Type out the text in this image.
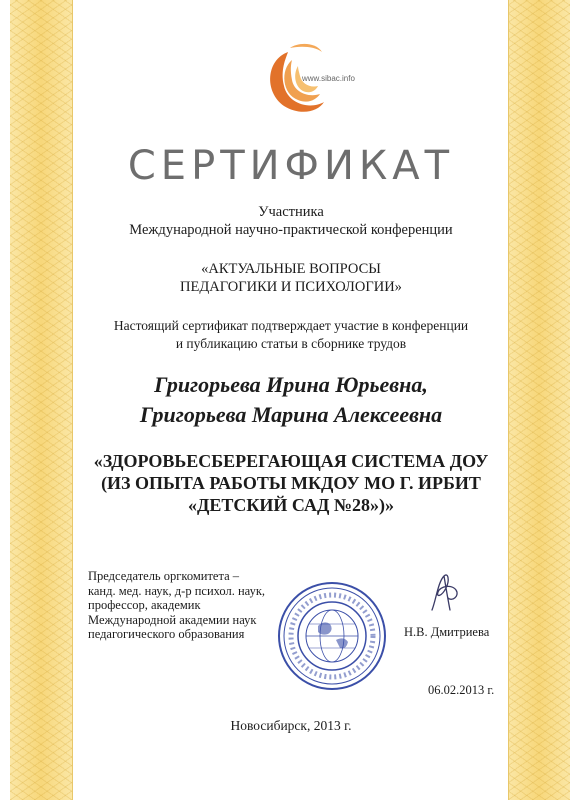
www.sibac.info
СЕРТИФИКАТ
Участника
Международной научно-практической конференции
«АКТУАЛЬНЫЕ ВОПРОСЫ
ПЕДАГОГИКИ И ПСИХОЛОГИИ»
Настоящий сертификат подтверждает участие в конференции
и публикацию статьи в сборнике трудов
Григорьева Ирина Юрьевна,
Григорьева Марина Алексеевна
«ЗДОРОВЬЕСБЕРЕГАЮЩАЯ СИСТЕМА ДОУ
(ИЗ ОПЫТА РАБОТЫ МКДОУ МО Г. ИРБИТ
«ДЕТСКИЙ САД №28»)»
Председатель оргкомитета –
канд. мед. наук, д-р психол. наук,
профессор, академик
Международной академии наук
педагогического образования	Н.В. Дмитриева
06.02.2013 г.
Новосибирск, 2013 г.
